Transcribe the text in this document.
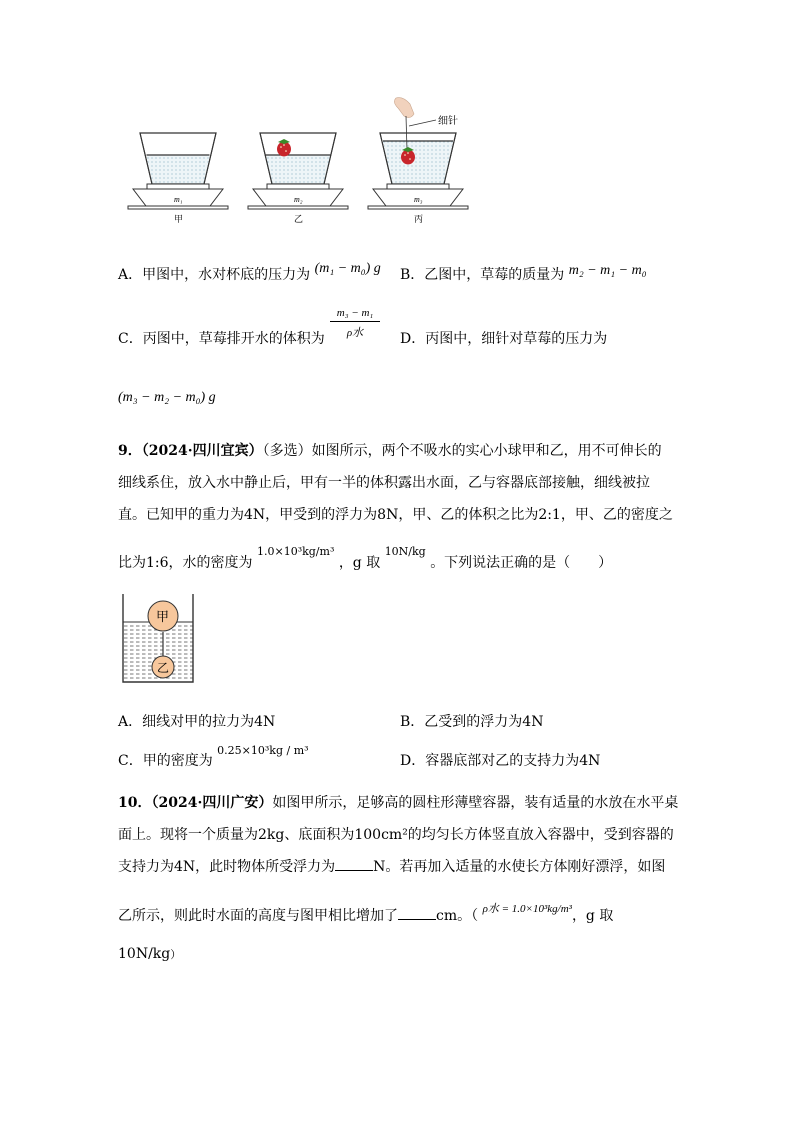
细针
m₁	m₂	m₃
甲	乙	丙
A．甲图中，水对杯底的压力为 (m₁ − m₀) g B．乙图中，草莓的质量为 m₂ − m₁ − m₀
C．丙图中，草莓排开水的体积为
m₃ − m₁
ρ水	D．丙图中，细针对草莓的压力为
(m₃ − m₂ − m₀) g
9．（2024·四川宜宾）（多选）如图所示，两个不吸水的实心小球甲和乙，用不可伸长的
细线系住，放入水中静止后，甲有一半的体积露出水面，乙与容器底部接触，细线被拉
直。已知甲的重力为4N，甲受到的浮力为8N，甲、乙的体积之比为2:1，甲、乙的密度之
比为1:6，水的密度为 $^{1.0\times 10^3kg/m^3}$ ，g 取 $^{10N/kg}$ 。下列说法正确的是（　　）
甲
乙
A．细线对甲的拉力为4N	B．乙受到的浮力为4N
C．甲的密度为 $^{0.25\times 10^3kg / m^3}$
D．容器底部对乙的支持力为4N
10．（2024·四川广安）如图甲所示，足够高的圆柱形薄壁容器，装有适量的水放在水平桌
面上。现将一个质量为2kg、底面积为100cm²的均匀长方体竖直放入容器中，受到容器的
支持力为4N，此时物体所受浮力为	N。若再加入适量的水使长方体刚好漂浮，如图
乙所示，则此时水面的高度与图甲相比增加了	cm。（ $^{\rho 水 = 1.0\times 10^3kg/m^3}$，g 取
10N/kg）
